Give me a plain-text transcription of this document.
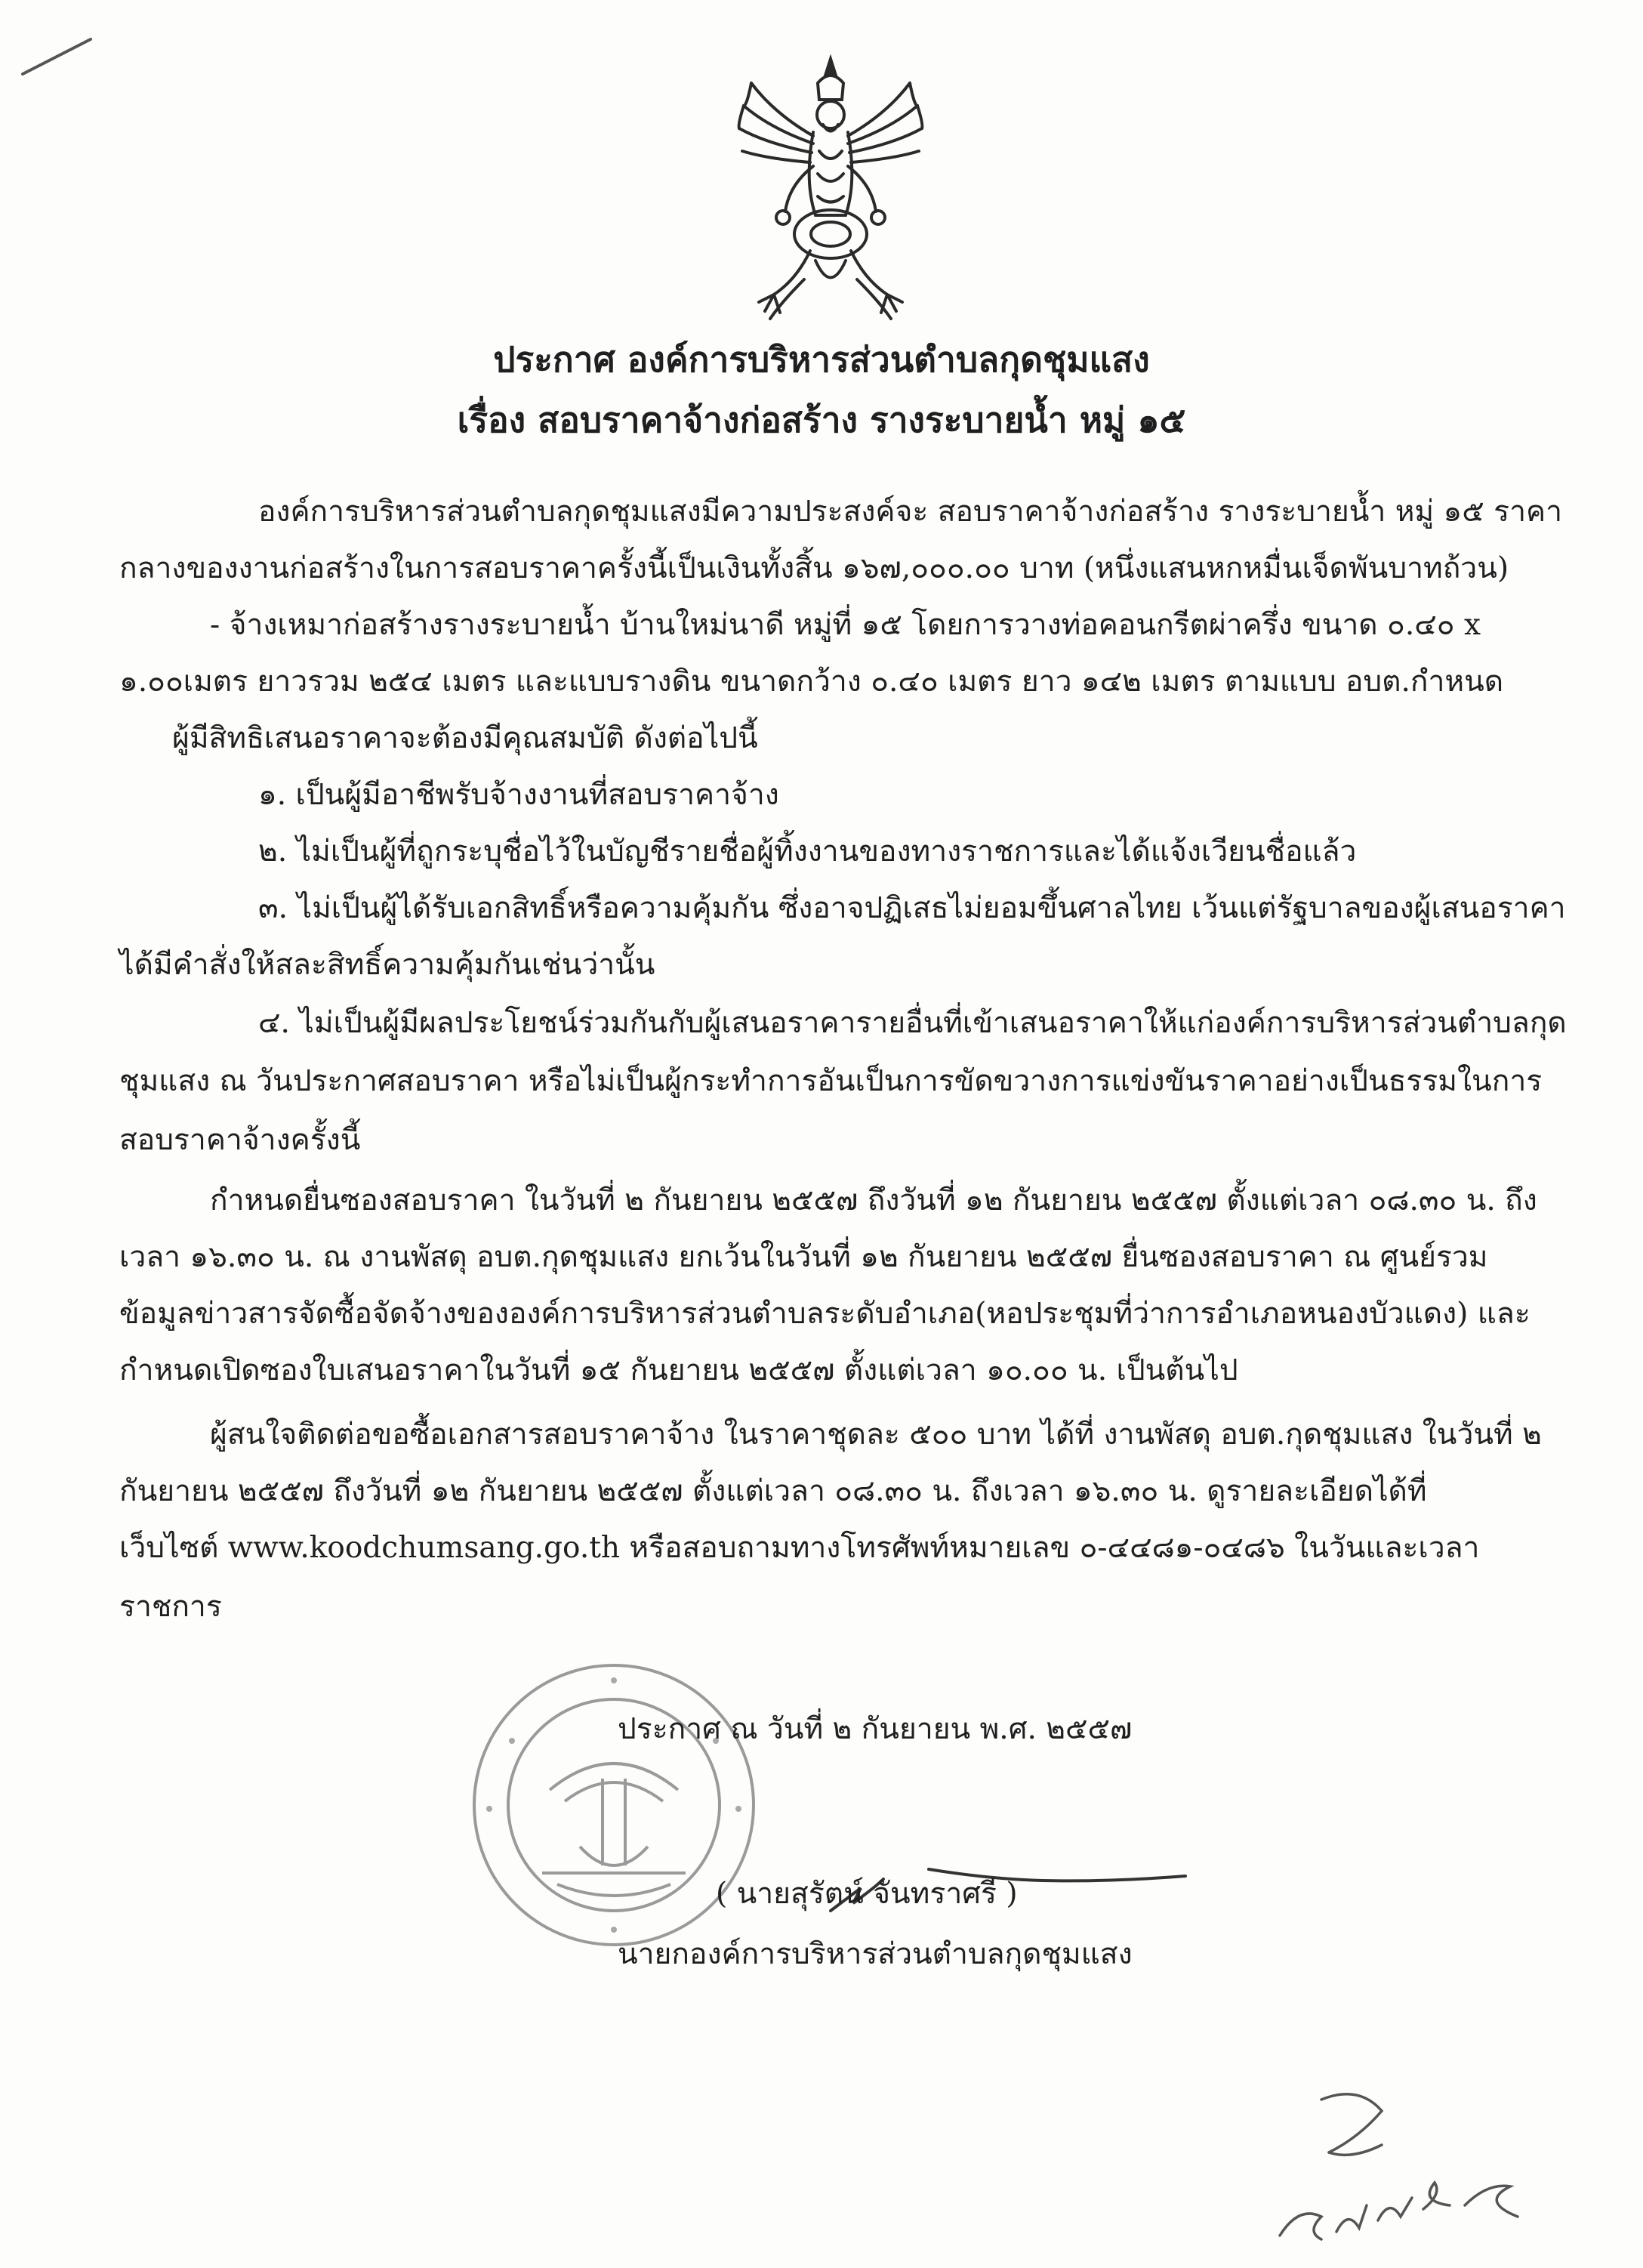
ประกาศ องค์การบริหารส่วนตำบลกุดชุมแสง
เรื่อง สอบราคาจ้างก่อสร้าง รางระบายน้ำ หมู่ ๑๕
องค์การบริหารส่วนตำบลกุดชุมแสงมีความประสงค์จะ สอบราคาจ้างก่อสร้าง รางระบายน้ำ หมู่ ๑๕ ราคา
กลางของงานก่อสร้างในการสอบราคาครั้งนี้เป็นเงินทั้งสิ้น ๑๖๗,๐๐๐.๐๐ บาท (หนึ่งแสนหกหมื่นเจ็ดพันบาทถ้วน)
- จ้างเหมาก่อสร้างรางระบายน้ำ บ้านใหม่นาดี หมู่ที่ ๑๕ โดยการวางท่อคอนกรีตผ่าครึ่ง ขนาด ๐.๔๐ x
๑.๐๐เมตร ยาวรวม ๒๕๔ เมตร และแบบรางดิน ขนาดกว้าง ๐.๔๐ เมตร ยาว ๑๔๒ เมตร ตามแบบ อบต.กำหนด
ผู้มีสิทธิเสนอราคาจะต้องมีคุณสมบัติ ดังต่อไปนี้
๑. เป็นผู้มีอาชีพรับจ้างงานที่สอบราคาจ้าง
๒. ไม่เป็นผู้ที่ถูกระบุชื่อไว้ในบัญชีรายชื่อผู้ทิ้งงานของทางราชการและได้แจ้งเวียนชื่อแล้ว
๓. ไม่เป็นผู้ได้รับเอกสิทธิ์หรือความคุ้มกัน ซึ่งอาจปฏิเสธไม่ยอมขึ้นศาลไทย เว้นแต่รัฐบาลของผู้เสนอราคา
ได้มีคำสั่งให้สละสิทธิ์ความคุ้มกันเช่นว่านั้น
๔. ไม่เป็นผู้มีผลประโยชน์ร่วมกันกับผู้เสนอราคารายอื่นที่เข้าเสนอราคาให้แก่องค์การบริหารส่วนตำบลกุด
ชุมแสง ณ วันประกาศสอบราคา หรือไม่เป็นผู้กระทำการอันเป็นการขัดขวางการแข่งขันราคาอย่างเป็นธรรมในการ
สอบราคาจ้างครั้งนี้
กำหนดยื่นซองสอบราคา ในวันที่ ๒ กันยายน ๒๕๕๗ ถึงวันที่ ๑๒ กันยายน ๒๕๕๗ ตั้งแต่เวลา ๐๘.๓๐ น. ถึง
เวลา ๑๖.๓๐ น. ณ งานพัสดุ อบต.กุดชุมแสง ยกเว้นในวันที่ ๑๒ กันยายน ๒๕๕๗ ยื่นซองสอบราคา ณ ศูนย์รวม
ข้อมูลข่าวสารจัดซื้อจัดจ้างขององค์การบริหารส่วนตำบลระดับอำเภอ(หอประชุมที่ว่าการอำเภอหนองบัวแดง) และ
กำหนดเปิดซองใบเสนอราคาในวันที่ ๑๕ กันยายน ๒๕๕๗ ตั้งแต่เวลา ๑๐.๐๐ น. เป็นต้นไป
ผู้สนใจติดต่อขอซื้อเอกสารสอบราคาจ้าง ในราคาชุดละ ๕๐๐ บาท ได้ที่ งานพัสดุ อบต.กุดชุมแสง ในวันที่ ๒
กันยายน ๒๕๕๗ ถึงวันที่ ๑๒ กันยายน ๒๕๕๗ ตั้งแต่เวลา ๐๘.๓๐ น. ถึงเวลา ๑๖.๓๐ น. ดูรายละเอียดได้ที่
เว็บไซต์ www.koodchumsang.go.th หรือสอบถามทางโทรศัพท์หมายเลข ๐-๔๔๘๑-๐๔๘๖ ในวันและเวลา
ราชการ
ประกาศ ณ วันที่ ๒ กันยายน พ.ศ. ๒๕๕๗
( นายสุรัตน์ จันทราศรี )
นายกองค์การบริหารส่วนตำบลกุดชุมแสง
